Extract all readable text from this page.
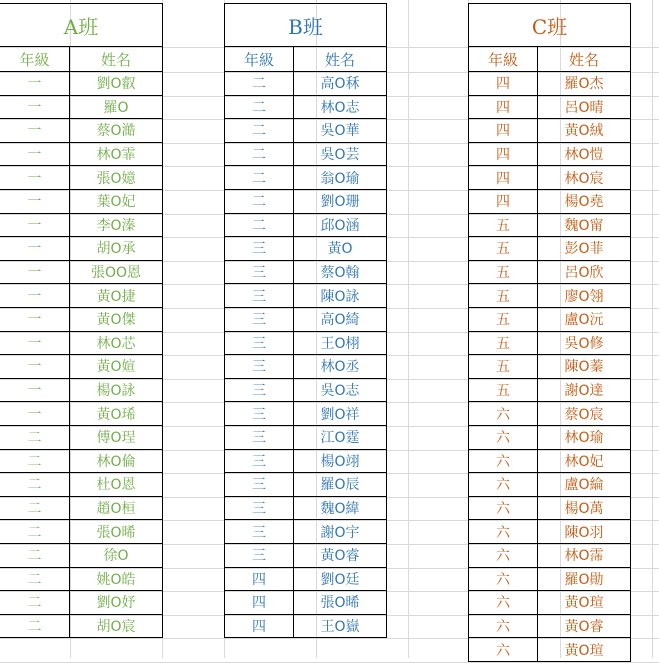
A班
年級	姓名
一	劉O叡
一	羅O
一	蔡O澔
一	林O霏
一	張O嬑
一	葉O妃
一	李O溱
一	胡O承
一	張OO恩
一	黃O捷
一	黃O傑
一	林O芯
一	黃O媗
一	楊O詠
一	黃O琋
二	傅O珵
二	林O倫
二	杜O恩
二	趙O桓
二	張O晞
二	徐O
二	姚O皓
二	劉O妤
二	胡O宸
B班
年級	姓名
二	高O秝
二	林O志
二	吳O華
二	吳O芸
二	翁O瑜
二	劉O珊
二	邱O涵
三	黃O
三	蔡O翰
三	陳O詠
三	高O綺
三	王O栩
三	林O丞
三	吳O志
三	劉O祥
三	江O霆
三	楊O翊
三	羅O辰
三	魏O緯
三	謝O宇
三	黃O睿
四	劉O廷
四	張O晞
四	王O嶽
C班
年級	姓名
四	羅O杰
四	呂O晴
四	黃O絨
四	林O愷
四	林O宸
四	楊O堯
五	魏O甯
五	彭O菲
五	呂O欣
五	廖O翎
五	盧O沅
五	吳O修
五	陳O蓁
五	謝O達
六	蔡O宸
六	林O瑜
六	林O妃
六	盧O綸
六	楊O萬
六	陳O羽
六	林O霈
六	羅O勛
六	黃O瑄
六	黃O睿
六	黃O瑄
